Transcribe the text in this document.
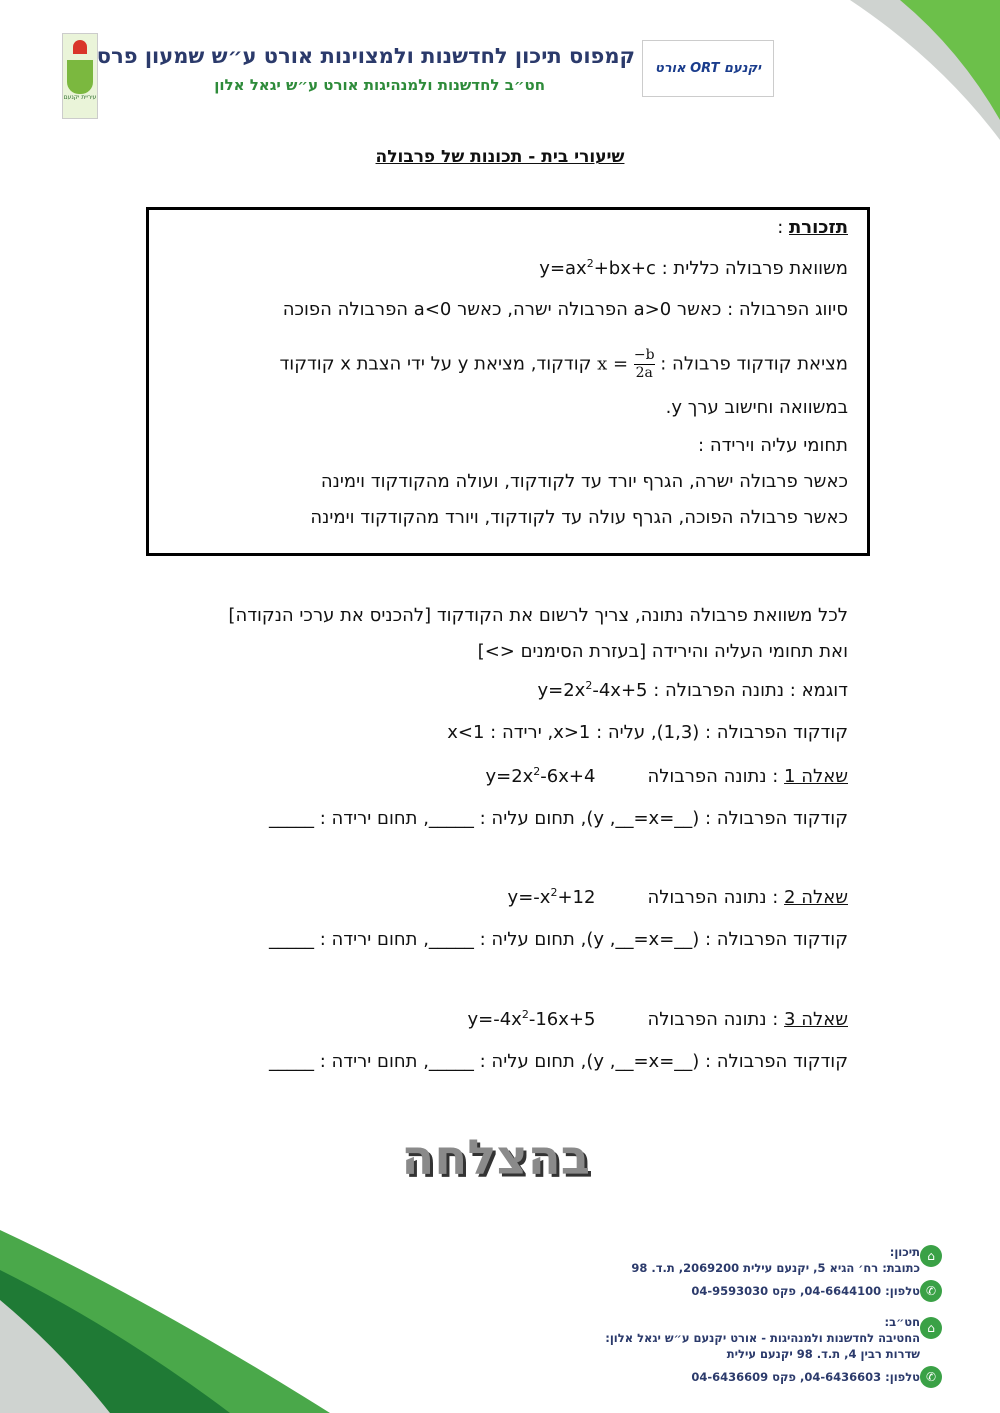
עיריית יקנעם
קמפוס תיכון לחדשנות ולמצוינות אורט ע״ש שמעון פרס
חט״ב לחדשנות ולמנהיגות אורט ע״ש יגאל אלון
אורט ORT יקנעם
שיעורי בית - תכונות של פרבולה
תזכורת :
משוואת פרבולה כללית : $y=ax^2+bx+c$
סיווג הפרבולה : כאשר a>0 הפרבולה ישרה, כאשר a<0 הפרבולה הפוכה
מציאת קודקוד פרבולה : $x = \frac{-b}{2a}$
קודקוד, מציאת y על ידי הצבת x קודקוד
במשוואה וחישוב ערך y.
תחומי עליה וירידה :
כאשר פרבולה ישרה, הגרף יורד עד לקודקוד, ועולה מהקודקוד וימינה
כאשר פרבולה הפוכה, הגרף עולה עד לקודקוד, ויורד מהקודקוד וימינה
לכל משוואת פרבולה נתונה, צריך לרשום את הקודקוד [להכניס את ערכי הנקודה]
ואת תחומי העליה והירידה [בעזרת הסימנים <>]
דוגמא : נתונה הפרבולה : $y=2x^2-4x+5$
קודקוד הפרבולה : (1,3), עליה : x>1, ירידה : x<1
שאלה 1 : נתונה $הפרבולהy=2x^2-6x+4$
קודקוד הפרבולה : (__=y ,__=x), תחום עליה : _____, תחום ירידה : _____
שאלה 2 : נתונה $הפרבולהy=-x^2+12$
קודקוד הפרבולה : (__=y ,__=x), תחום עליה : _____, תחום ירידה : _____
שאלה 3 : נתונה $הפרבולהy=-4x^2-16x+5$
קודקוד הפרבולה : (__=y ,__=x), תחום עליה : _____, תחום ירידה : _____
בהצלחה
⌂
תיכון:
כתובת: רח׳ הגיא 5, יקנעם עילית 2069200, ת.ד. 98
✆
טלפון: 04-6644100, פקס 04-9593030
⌂
חט״ב:
החטיבה לחדשנות ולמנהיגות - אורט יקנעם ע״ש יגאל אלון:
שדרות רבין 4, ת.ד. 98 יקנעם עילית
✆
טלפון: 04-6436603, פקס 04-6436609
